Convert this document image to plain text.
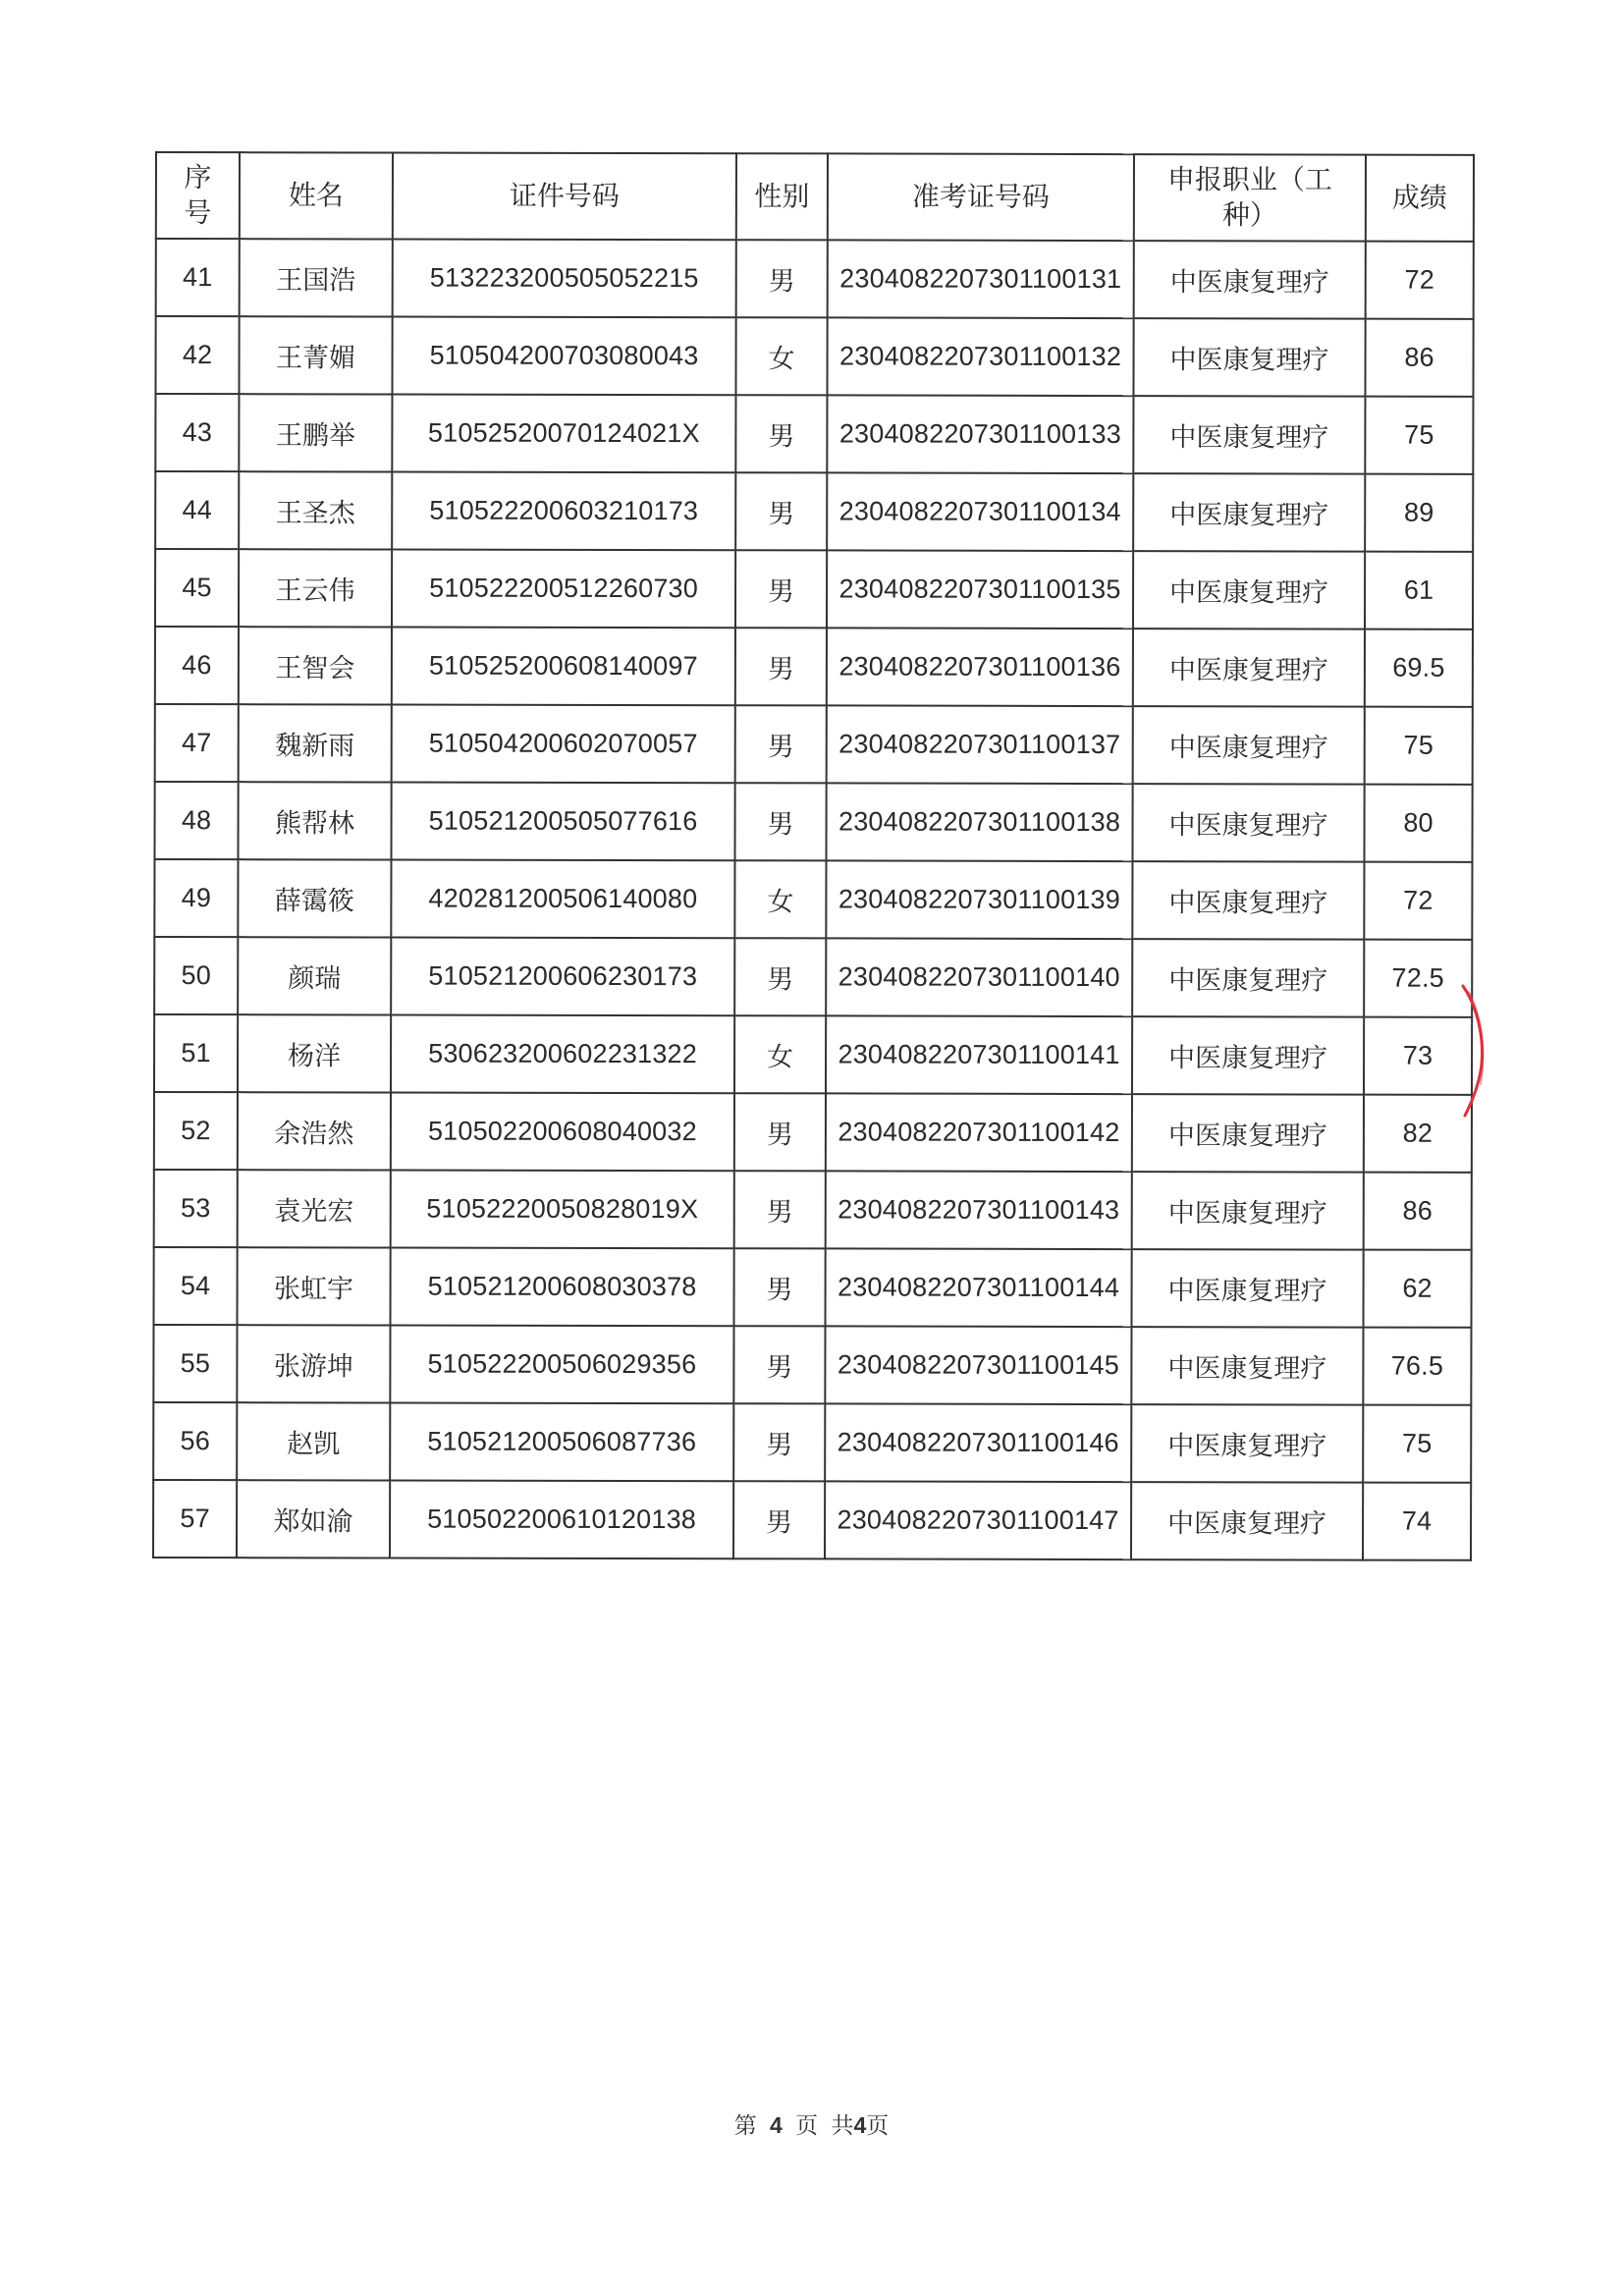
序号	姓名	证件号码	性别	准考证号码	申报职业（工种）	成绩
41	王国浩	513223200505052215	男	2304082207301100131	中医康复理疗	72
42	王菁媚	510504200703080043	女	2304082207301100132	中医康复理疗	86
43	王鹏举	51052520070124021X	男	2304082207301100133	中医康复理疗	75
44	王圣杰	510522200603210173	男	2304082207301100134	中医康复理疗	89
45	王云伟	510522200512260730	男	2304082207301100135	中医康复理疗	61
46	王智会	510525200608140097	男	2304082207301100136	中医康复理疗	69.5
47	魏新雨	510504200602070057	男	2304082207301100137	中医康复理疗	75
48	熊帮林	510521200505077616	男	2304082207301100138	中医康复理疗	80
49	薛霭筱	420281200506140080	女	2304082207301100139	中医康复理疗	72
50	颜瑞	510521200606230173	男	2304082207301100140	中医康复理疗	72.5
51	杨洋	530623200602231322	女	2304082207301100141	中医康复理疗	73
52	余浩然	510502200608040032	男	2304082207301100142	中医康复理疗	82
53	袁光宏	51052220050828019X	男	2304082207301100143	中医康复理疗	86
54	张虹宇	510521200608030378	男	2304082207301100144	中医康复理疗	62
55	张游坤	510522200506029356	男	2304082207301100145	中医康复理疗	76.5
56	赵凯	510521200506087736	男	2304082207301100146	中医康复理疗	75
57	郑如渝	510502200610120138	男	2304082207301100147	中医康复理疗	74
第 4 页 共4页
